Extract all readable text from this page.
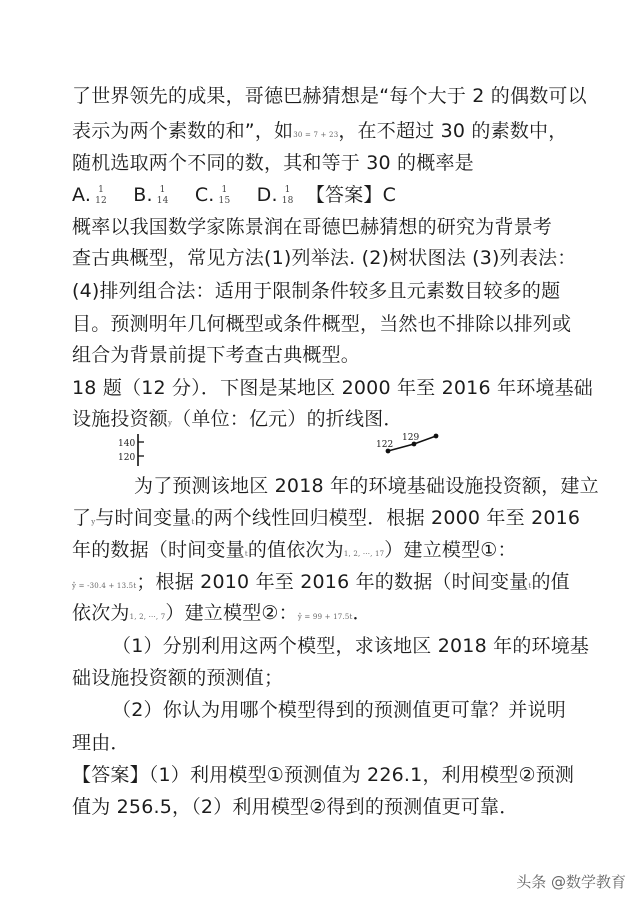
了世界领先的成果，哥德巴赫猜想是“每个大于 2 的偶数可以
表示为两个素数的和”，如30 = 7 + 23，在不超过 30 的素数中，
随机选取两个不同的数，其和等于 30 的概率是
A. 1
12 B. 1
14 C. 1
15 D. 1
18 【答案】C
概率以我国数学家陈景润在哥德巴赫猜想的研究为背景考
查古典概型，常见方法(1)列举法. (2)树状图法 (3)列表法：
(4)排列组合法：适用于限制条件较多且元素数目较多的题
目。预测明年几何概型或条件概型，当然也不排除以排列或
组合为背景前提下考查古典概型。
18 题（12 分）．下图是某地区 2000 年至 2016 年环境基础
设施投资额y（单位：亿元）的折线图．
140
120
122
129
为了预测该地区 2018 年的环境基础设施投资额，建立
了y与时间变量t的两个线性回归模型．根据 2000 年至 2016
年的数据（时间变量t的值依次为1, 2, ···, 17）建立模型①：
ŷ = -30.4 + 13.5t；根据 2010 年至 2016 年的数据（时间变量t的值
依次为1, 2, ···, 7）建立模型②：ŷ = 99 + 17.5t．
（1）分别利用这两个模型，求该地区 2018 年的环境基
础设施投资额的预测值；
（2）你认为用哪个模型得到的预测值更可靠？并说明
理由．
【答案】（1）利用模型①预测值为 226.1，利用模型②预测
值为 256.5，（2）利用模型②得到的预测值更可靠．
头条 @数学教育
